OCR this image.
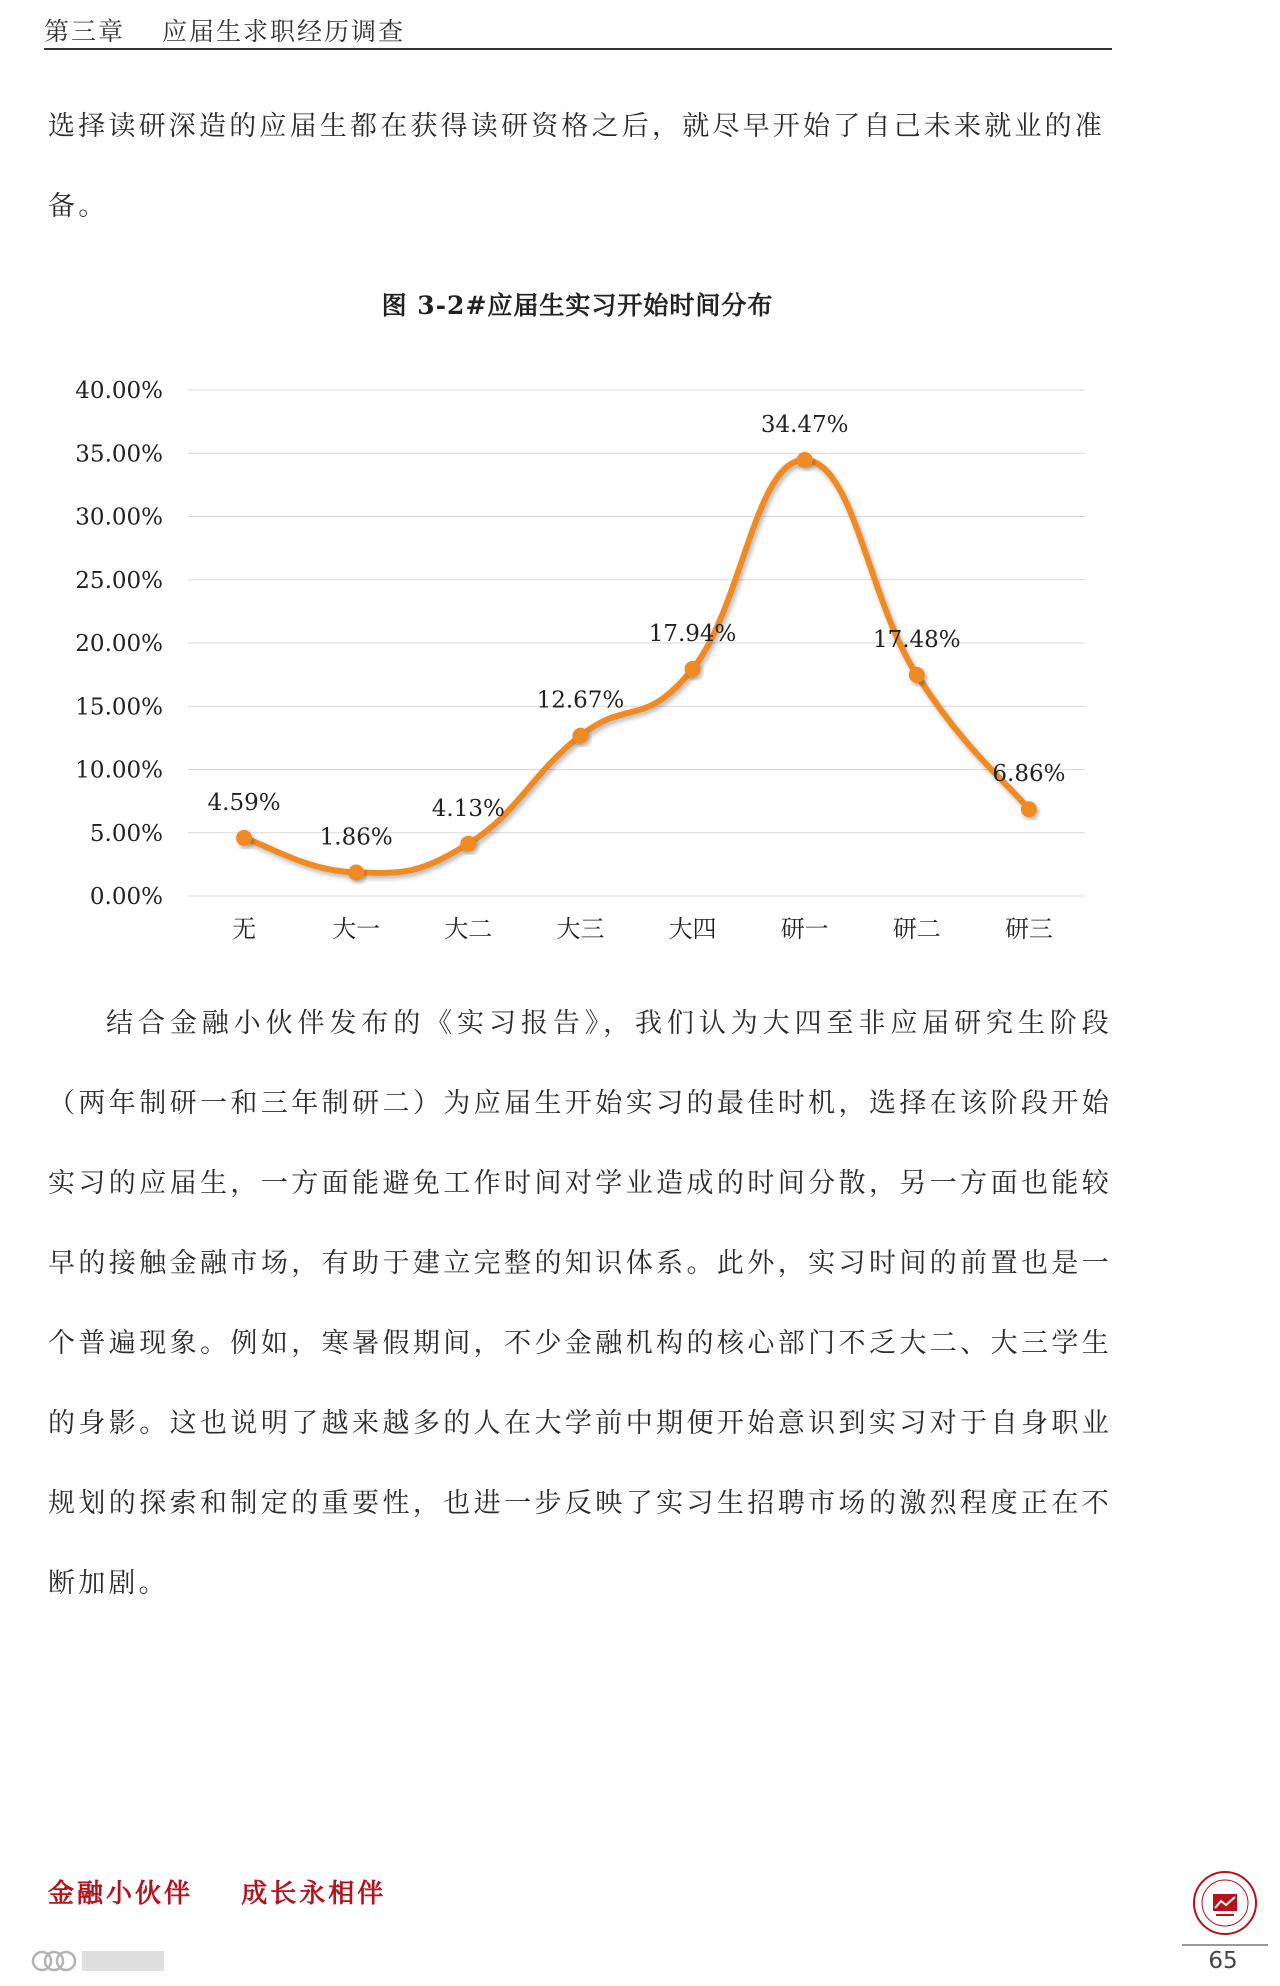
第三章 应届生求职经历调查

选择读研深造的应届生都在获得读研资格之后，就尽早开始了自己未来就业的准

备。

图 3-2#应届生实习开始时间分布
0.00%
5.00%
10.00%
15.00%
20.00%
25.00%
30.00%
35.00%
40.00%
无	大一	大二	大三	大四	研一	研二	研三
4.59%
1.86%
4.13%
12.67%
17.94%
34.47%
17.48%
6.86%

结合金融小伙伴发布的《实习报告》，我们认为大四至非应届研究生阶段（两年制研一和三年制研二）为应届生开始实习的最佳时机，选择在该阶段开始实习的应届生，一方面能避免工作时间对学业造成的时间分散，另一方面也能较早的接触金融市场，有助于建立完整的知识体系。此外，实习时间的前置也是一个普遍现象。例如，寒暑假期间，不少金融机构的核心部门不乏大二、大三学生的身影。这也说明了越来越多的人在大学前中期便开始意识到实习对于自身职业规划的探索和制定的重要性，也进一步反映了实习生招聘市场的激烈程度正在不断加剧。

金融小伙伴    成长永相伴
65
